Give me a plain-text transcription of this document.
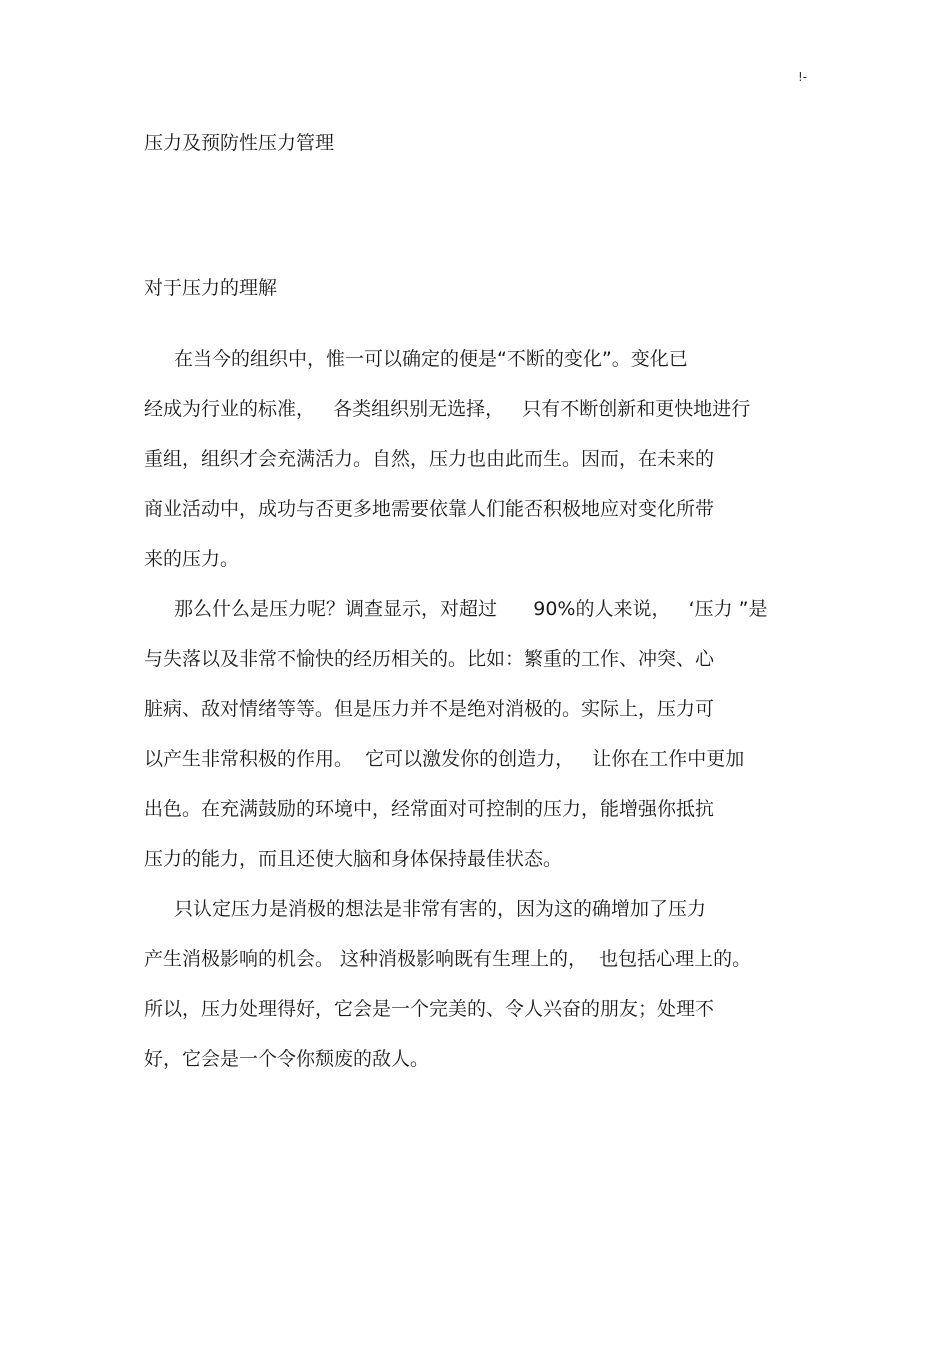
!-
压力及预防性压力管理
对于压力的理解

在当今的组织中，惟一可以确定的便是“不断的变化”。变化已

经成为行业的标准，   各类组织别无选择，   只有不断创新和更快地进行

重组，组织才会充满活力。自然，压力也由此而生。因而，在未来的

商业活动中，成功与否更多地需要依靠人们能否积极地应对变化所带

来的压力。

那么什么是压力呢？调查显示，对超过      90%的人来说，   ‘压力 ”是

与失落以及非常不愉快的经历相关的。比如：繁重的工作、冲突、心

脏病、敌对情绪等等。但是压力并不是绝对消极的。实际上，压力可

以产生非常积极的作用。  它可以激发你的创造力，   让你在工作中更加

出色。在充满鼓励的环境中，经常面对可控制的压力，能增强你抵抗

压力的能力，而且还使大脑和身体保持最佳状态。

只认定压力是消极的想法是非常有害的，因为这的确增加了压力

产生消极影响的机会。 这种消极影响既有生理上的，  也包括心理上的。

所以，压力处理得好，它会是一个完美的、令人兴奋的朋友；处理不

好，它会是一个令你颓废的敌人。
